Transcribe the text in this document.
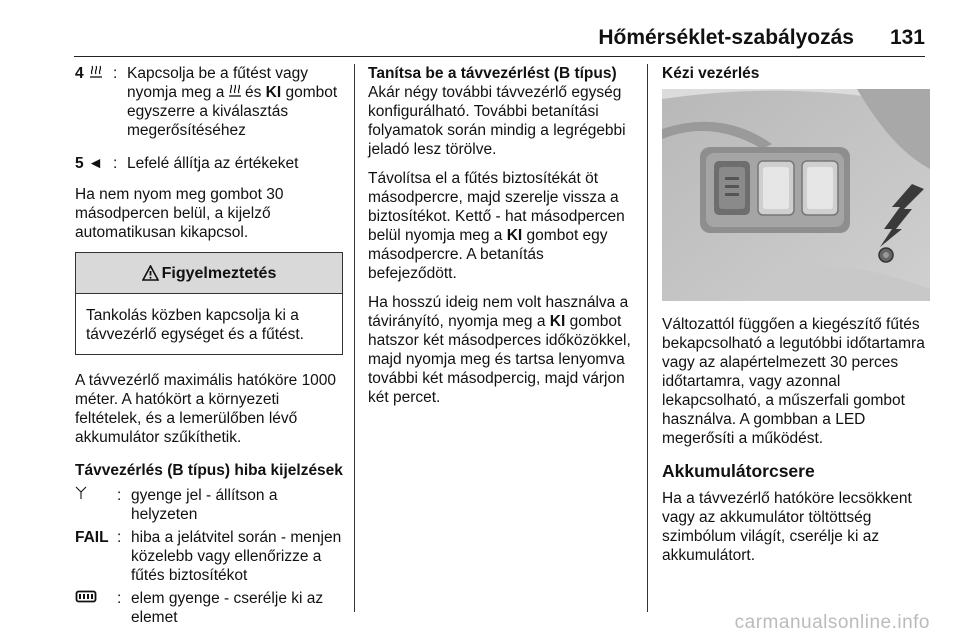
Hőmérséklet-szabályozás 131
4	: Kapcsolja be a fűtést vagy nyomja meg a és KI gombot egyszerre a kiválasztás megerősítéséhez
5 ◄ : Lefelé állítja az értékeket

Ha nem nyom meg gombot 30 másodpercen belül, a kijelző automatikusan kikapcsol.

Figyelmeztetés
Tankolás közben kapcsolja ki a távvezérlő egységet és a fűtést.

A távvezérlő maximális hatóköre 1000 méter. A hatókört a környezeti feltételek, és a lemerülőben lévő akkumulátor szűkíthetik.

Távvezérlés (B típus) hiba kijelzések
: gyenge jel - állítson a helyzeten
FAIL : hiba a jelátvitel során - menjen közelebb vagy ellenőrizze a fűtés biztosítékot
: elem gyenge - cserélje ki az elemet
Tanítsa be a távvezérlést (B típus)

Akár négy további távvezérlő egység konfigurálható. További betanítási folyamatok során mindig a legrégebbi jeladó lesz törölve.

Távolítsa el a fűtés biztosítékát öt másodpercre, majd szerelje vissza a biztosítékot. Kettő - hat másodpercen belül nyomja meg a KI gombot egy másodpercre. A betanítás befejeződött.

Ha hosszú ideig nem volt használva a távirányító, nyomja meg a KI gombot hatszor két másodperces időközökkel, majd nyomja meg és tartsa lenyomva további két másodpercig, majd várjon két percet.

Kézi vezérlés

Változattól függően a kiegészítő fűtés bekapcsolható a legutóbbi időtartamra vagy az alapértelmezett 30 perces időtartamra, vagy azonnal lekapcsolható, a műszerfali gombot használva. A gombban a LED megerősíti a működést.

Akkumulátorcsere

Ha a távvezérlő hatóköre lecsökkent vagy az akkumulátor töltöttség szimbólum világít, cserélje ki az akkumulátort.

carmanualsonline.info
